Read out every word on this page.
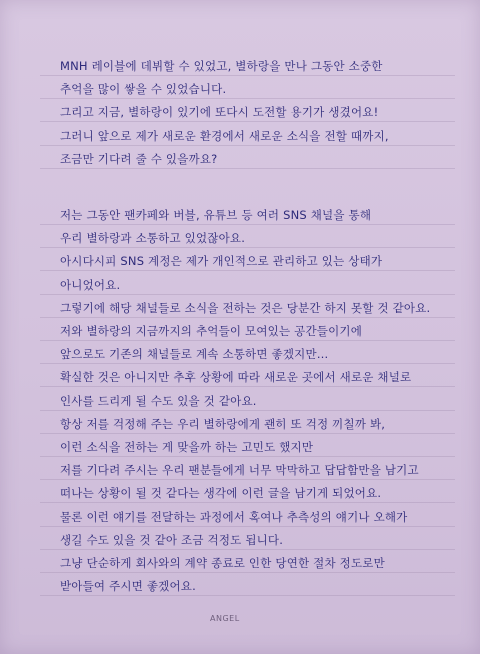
ANGEL
MNH 레이블에 데뷔할 수 있었고, 별하랑을 만나 그동안 소중한
추억을 많이 쌓을 수 있었습니다.
그리고 지금, 별하랑이 있기에 또다시 도전할 용기가 생겼어요!
그러니 앞으로 제가 새로운 환경에서 새로운 소식을 전할 때까지,
조금만 기다려 줄 수 있을까요?
저는 그동안 팬카페와 버블, 유튜브 등 여러 SNS 채널을 통해
우리 별하랑과 소통하고 있었잖아요.
아시다시피 SNS 계정은 제가 개인적으로 관리하고 있는 상태가
아니었어요.
그렇기에 해당 채널들로 소식을 전하는 것은 당분간 하지 못할 것 같아요.
저와 별하랑의 지금까지의 추억들이 모여있는 공간들이기에
앞으로도 기존의 채널들로 계속 소통하면 좋겠지만…
확실한 것은 아니지만 추후 상황에 따라 새로운 곳에서 새로운 채널로
인사를 드리게 될 수도 있을 것 같아요.
항상 저를 걱정해 주는 우리 별하랑에게 괜히 또 걱정 끼칠까 봐,
이런 소식을 전하는 게 맞을까 하는 고민도 했지만
저를 기다려 주시는 우리 팬분들에게 너무 막막하고 답답함만을 남기고
떠나는 상황이 될 것 같다는 생각에 이런 글을 남기게 되었어요.
물론 이런 얘기를 전달하는 과정에서 혹여나 추측성의 얘기나 오해가
생길 수도 있을 것 같아 조금 걱정도 됩니다.
그냥 단순하게 회사와의 계약 종료로 인한 당연한 절차 정도로만
받아들여 주시면 좋겠어요.
